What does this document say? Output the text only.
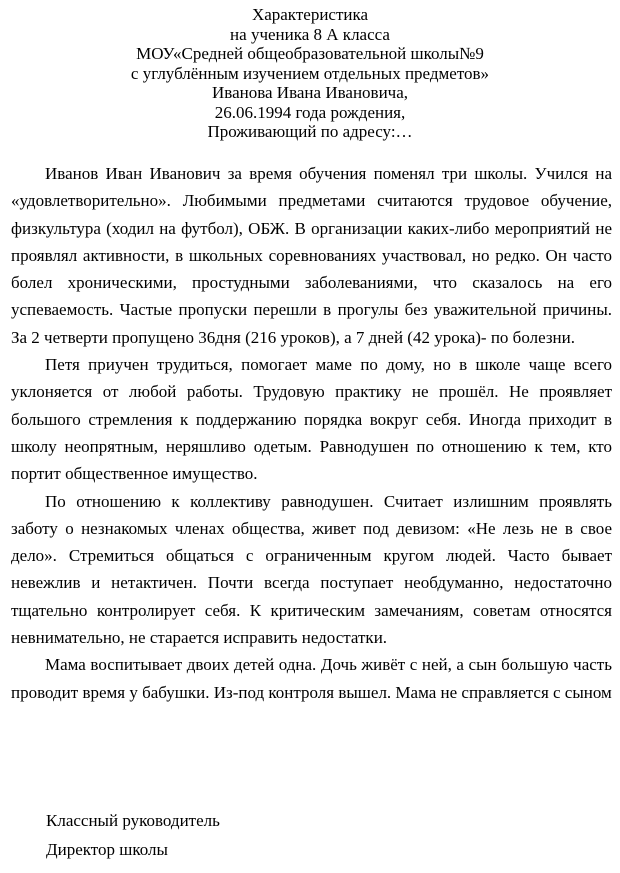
Характеристика
на ученика 8 А класса
МОУ«Средней общеобразовательной школы№9
с углублённым изучением отдельных предметов»
Иванова Ивана Ивановича,
26.06.1994 года рождения,
Проживающий по адресу:…

Иванов Иван Иванович за время обучения поменял три школы. Учился на «удовлетворительно». Любимыми предметами считаются трудовое обучение, физкультура (ходил на футбол), ОБЖ. В организации каких-либо мероприятий не проявлял активности, в школьных соревнованиях участвовал, но редко. Он часто болел хроническими, простудными заболеваниями, что сказалось на его успеваемость. Частые пропуски перешли в прогулы без уважительной причины. За 2 четверти пропущено 36дня (216 уроков), а 7 дней (42 урока)- по болезни.

Петя приучен трудиться, помогает маме по дому, но в школе чаще всего уклоняется от любой работы. Трудовую практику не прошёл. Не проявляет большого стремления к поддержанию порядка вокруг себя. Иногда приходит в школу неопрятным, неряшливо одетым. Равнодушен по отношению к тем, кто портит общественное имущество.

По отношению к коллективу равнодушен. Считает излишним проявлять заботу о незнакомых членах общества, живет под девизом: «Не лезь не в свое дело». Стремиться общаться с ограниченным кругом людей. Часто бывает невежлив и нетактичен. Почти всегда поступает необдуманно, недостаточно тщательно контролирует себя. К критическим замечаниям, советам относятся невнимательно, не старается исправить недостатки.

Мама воспитывает двоих детей одна. Дочь живёт с ней, а сын большую часть проводит время у бабушки. Из-под контроля вышел. Мама не справляется с сыном

Классный руководитель
Директор школы
